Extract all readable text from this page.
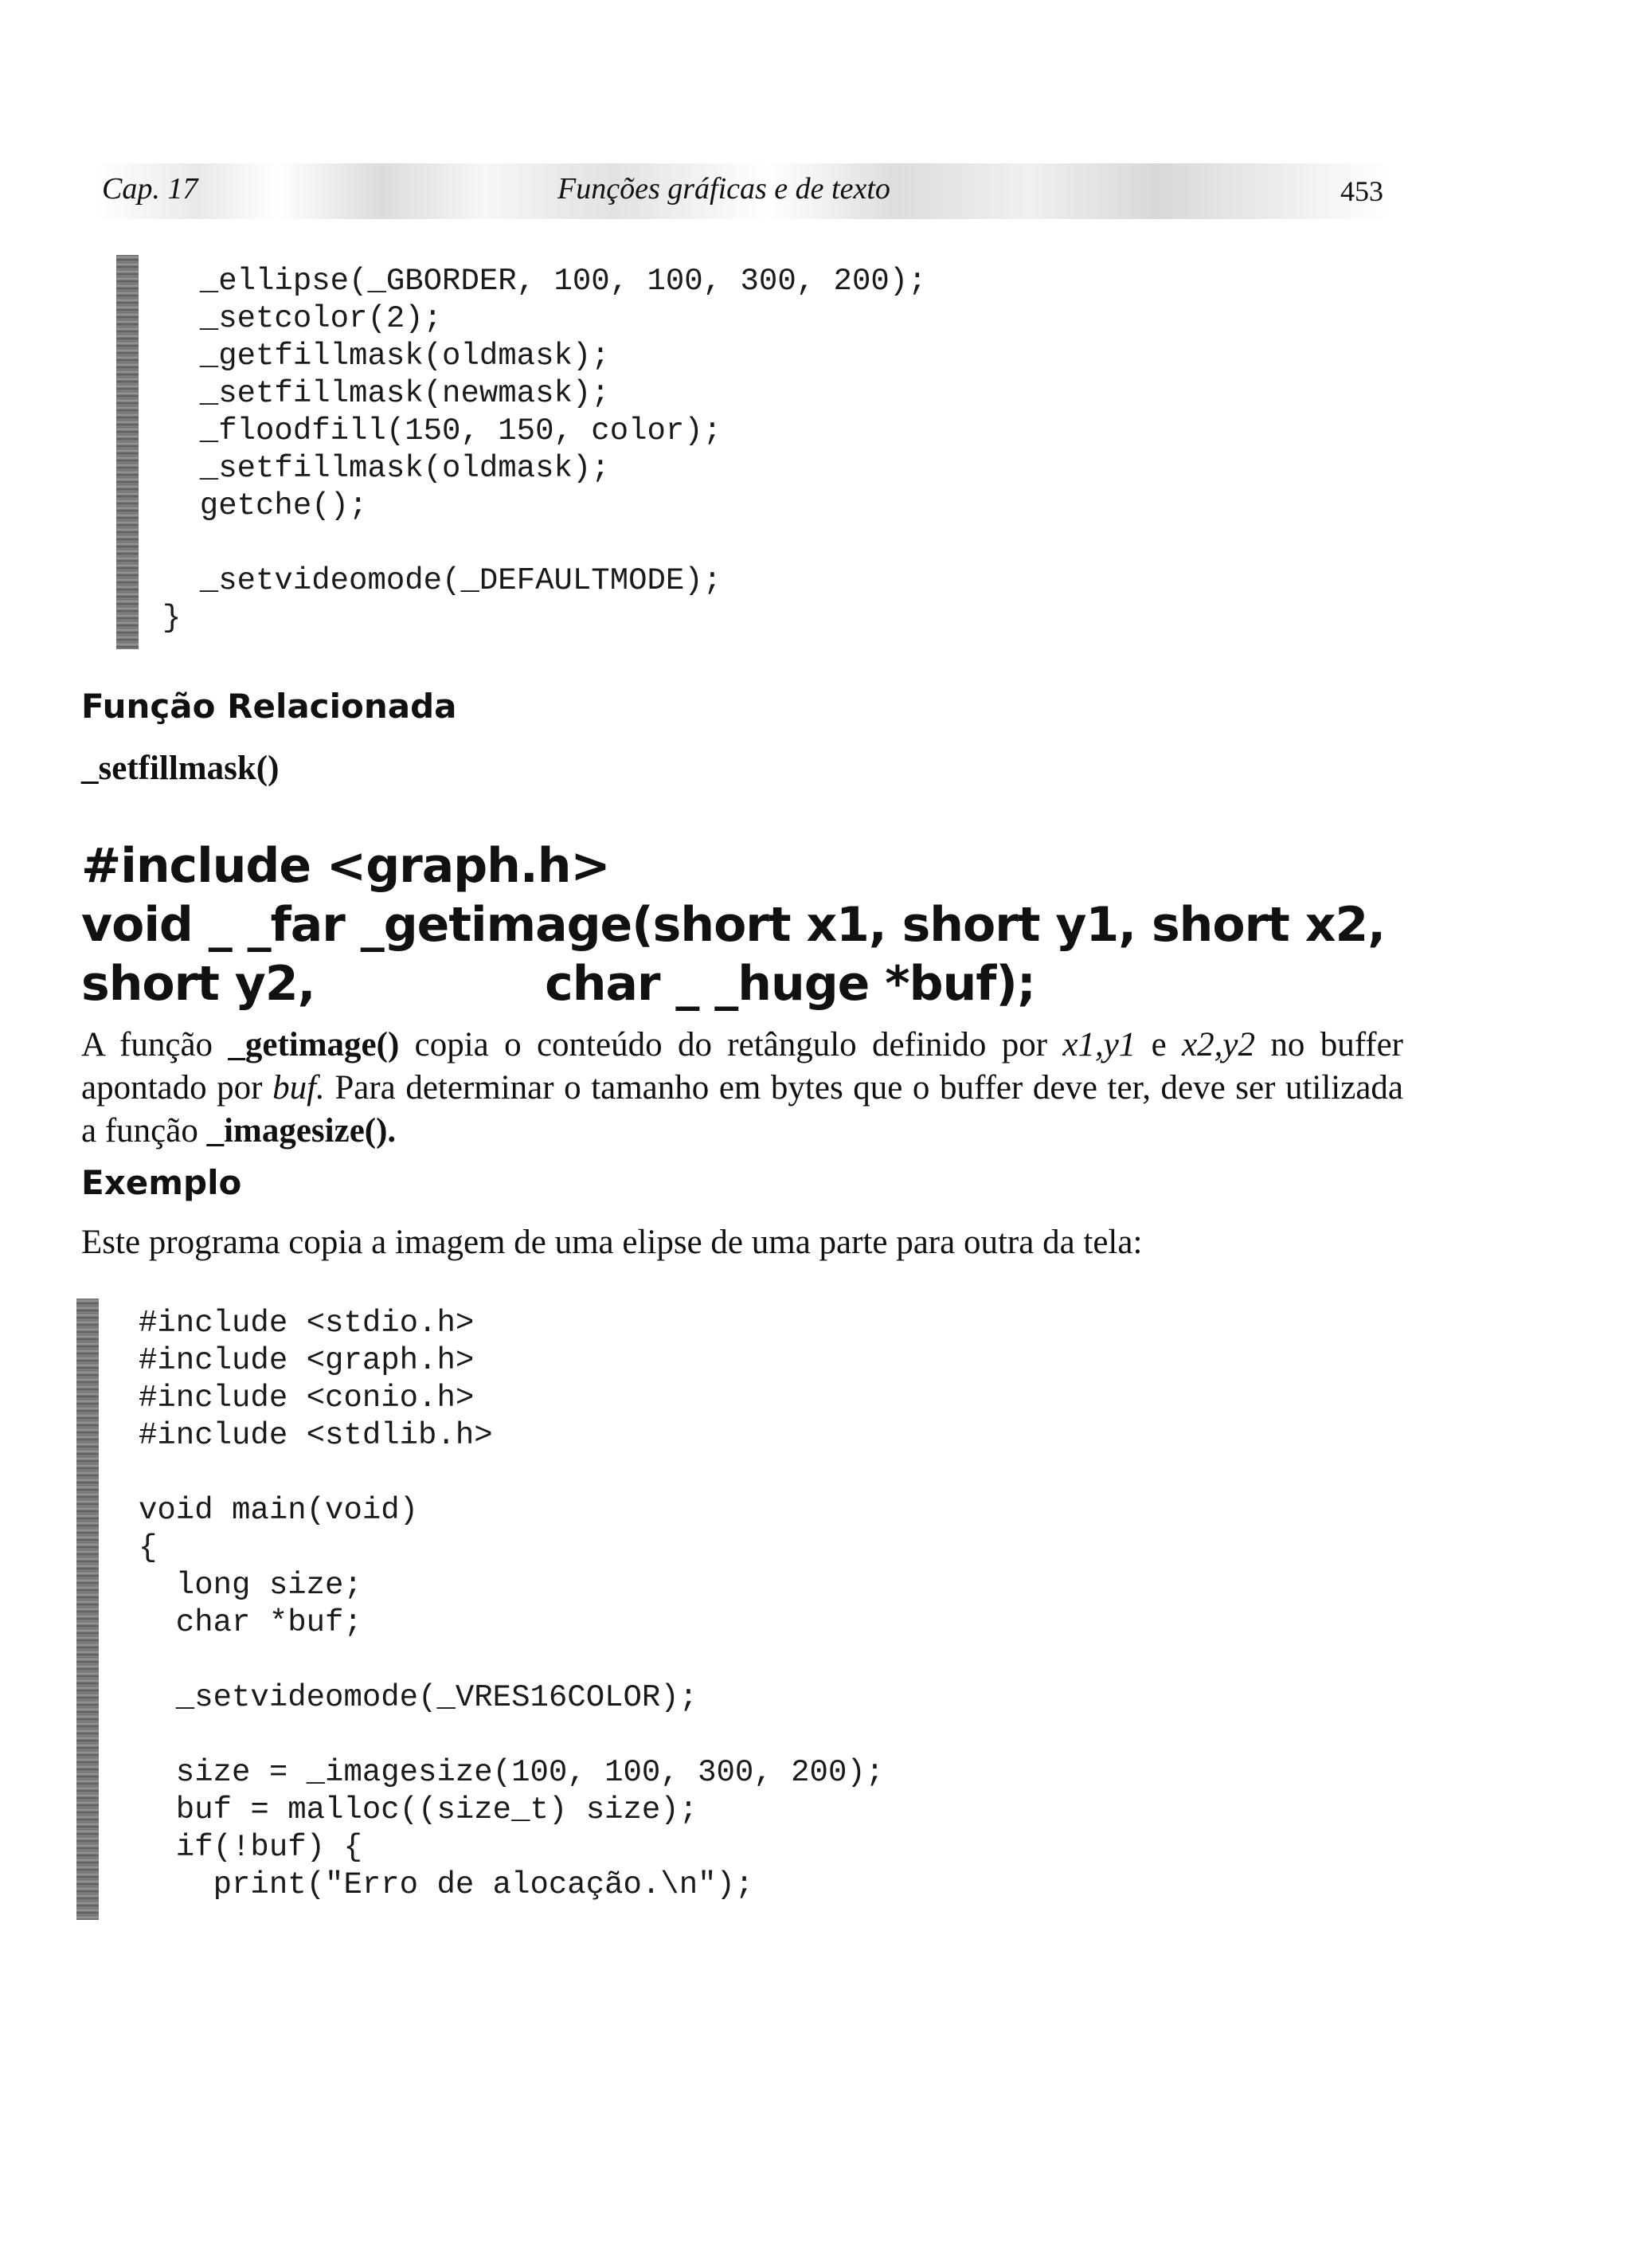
Cap. 17	Funções gráficas e de texto	453
_ellipse(_GBORDER, 100, 100, 300, 200);
_setcolor(2);
_getfillmask(oldmask);
_setfillmask(newmask);
_floodfill(150, 150, color);
_setfillmask(oldmask);
getche();
_setvideomode(_DEFAULTMODE);
}
Função Relacionada

_setfillmask()

#include <graph.h>

void _ _far _getimage(short x1, short y1, short x2, short y2,	char _ _huge *buf);

A função _getimage() copia o conteúdo do retângulo definido por x1,y1 e x2,y2 no buffer apontado por buf. Para determinar o tamanho em bytes que o buffer deve ter, deve ser utilizada a função _imagesize().

Exemplo

Este programa copia a imagem de uma elipse de uma parte para outra da tela:

#include <stdio.h>
#include <graph.h>
#include <conio.h>
#include <stdlib.h>
void main(void)
{
long size;
char *buf;
_setvideomode(_VRES16COLOR);
size = _imagesize(100, 100, 300, 200);
buf = malloc((size_t) size);
if(!buf) {
print("Erro de alocação.\n");
